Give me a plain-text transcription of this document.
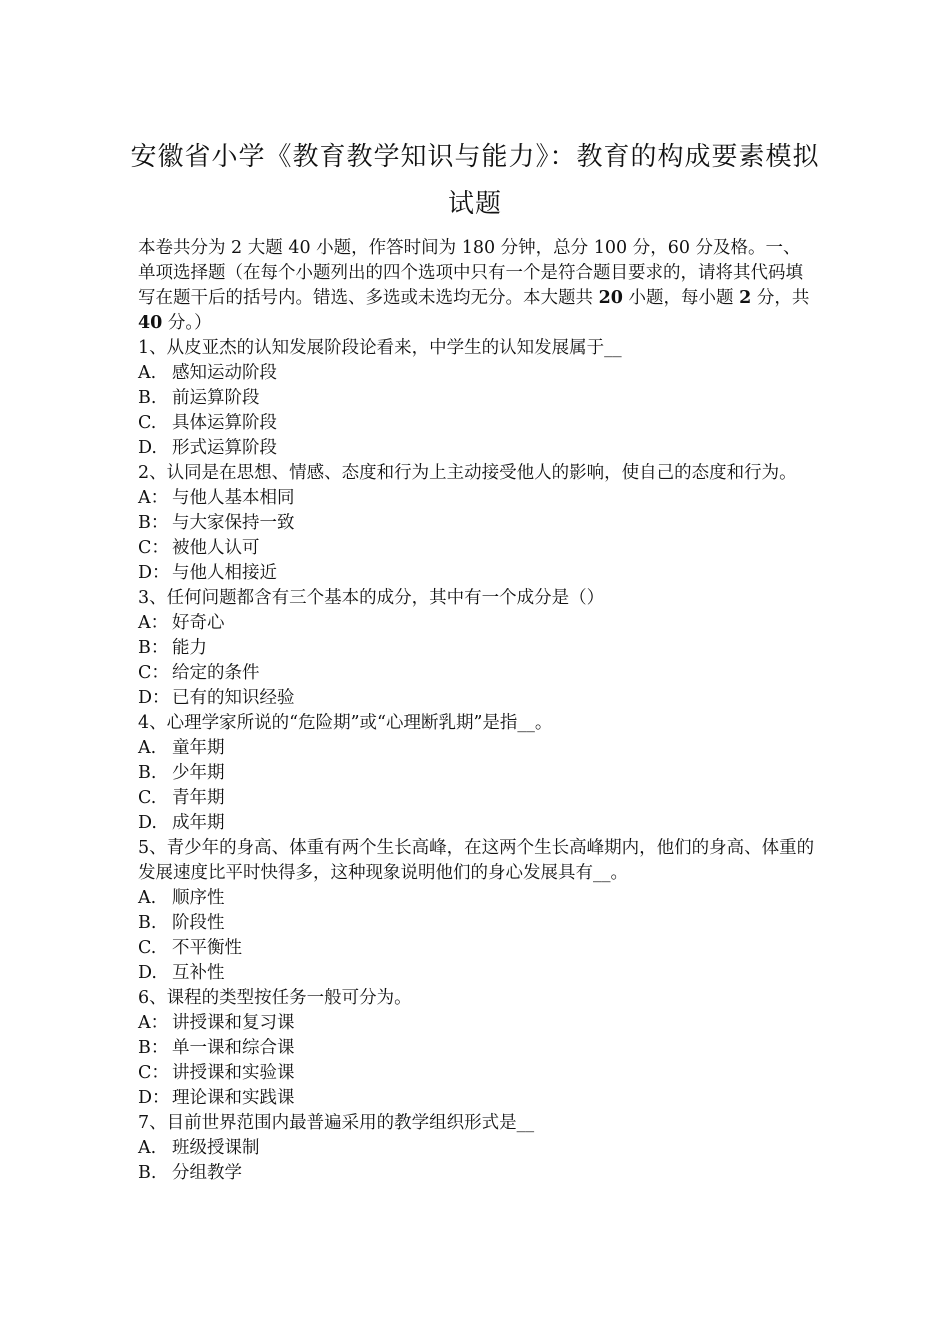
安徽省小学《教育教学知识与能力》：教育的构成要素模拟
试题
本卷共分为 2 大题 40 小题，作答时间为 180 分钟，总分 100 分，60 分及格。一、单项选择题（在每个小题列出的四个选项中只有一个是符合题目要求的，请将其代码填写在题干后的括号内。错选、多选或未选均无分。本大题共 20 小题，每小题 2 分，共 40 分。）
1、从皮亚杰的认知发展阶段论看来，中学生的认知发展属于__
A. 感知运动阶段
B. 前运算阶段
C. 具体运算阶段
D. 形式运算阶段
2、认同是在思想、情感、态度和行为上主动接受他人的影响，使自己的态度和行为。
A： 与他人基本相同
B： 与大家保持一致
C： 被他人认可
D： 与他人相接近
3、任何问题都含有三个基本的成分，其中有一个成分是（）
A： 好奇心
B： 能力
C： 给定的条件
D： 已有的知识经验
4、心理学家所说的“危险期”或“心理断乳期”是指__。
A. 童年期
B. 少年期
C. 青年期
D. 成年期
5、青少年的身高、体重有两个生长高峰，在这两个生长高峰期内，他们的身高、体重的发展速度比平时快得多，这种现象说明他们的身心发展具有__。
A. 顺序性
B. 阶段性
C. 不平衡性
D. 互补性
6、课程的类型按任务一般可分为。
A： 讲授课和复习课
B： 单一课和综合课
C： 讲授课和实验课
D： 理论课和实践课
7、目前世界范围内最普遍采用的教学组织形式是__
A. 班级授课制
B. 分组教学
